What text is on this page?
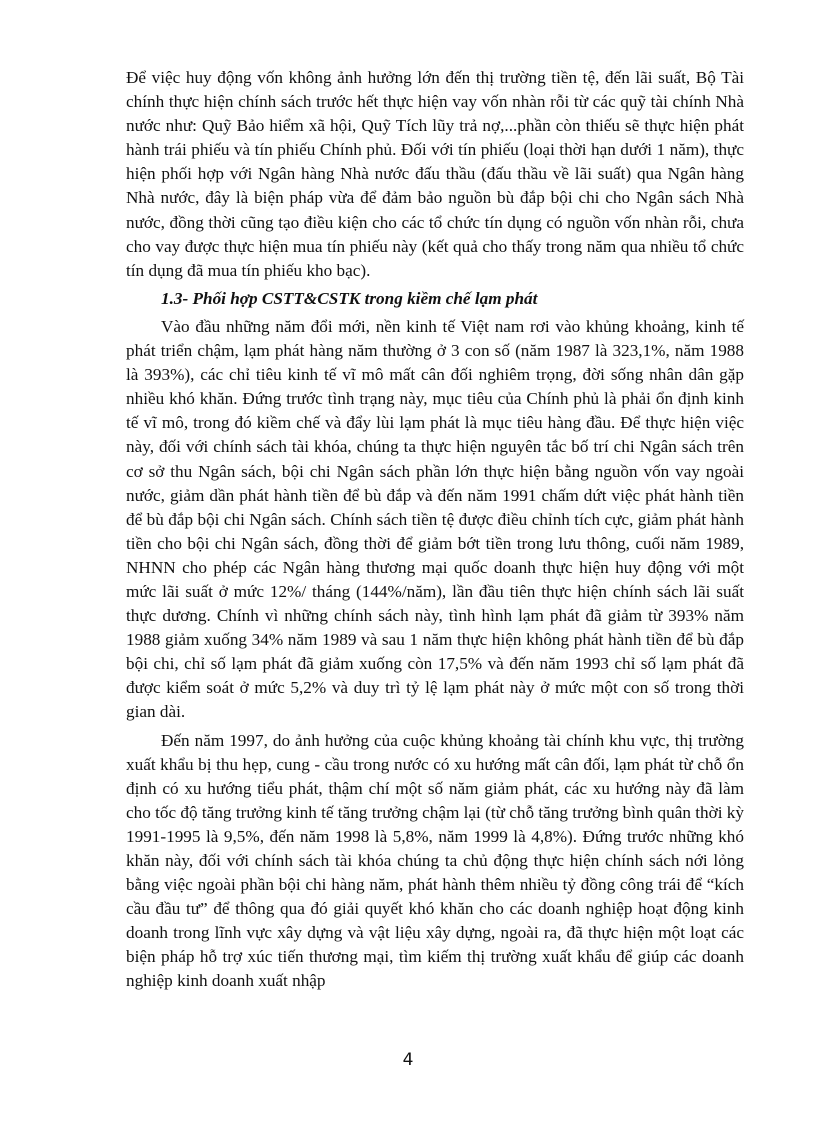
Để việc huy động vốn không ảnh hưởng lớn đến thị trường tiền tệ, đến lãi suất, Bộ Tài chính thực hiện chính sách trước hết thực hiện vay vốn nhàn rỗi từ các quỹ tài chính Nhà nước như: Quỹ Bảo hiểm xã hội, Quỹ Tích lũy trả nợ,...phần còn thiếu sẽ thực hiện phát hành trái phiếu và tín phiếu Chính phủ. Đối với tín phiếu (loại thời hạn dưới 1 năm), thực hiện phối hợp với Ngân hàng Nhà nước đấu thầu (đấu thầu về lãi suất) qua Ngân hàng Nhà nước, đây là biện pháp vừa để đảm bảo nguồn bù đắp bội chi cho Ngân sách Nhà nước, đồng thời cũng tạo điều kiện cho các tổ chức tín dụng có nguồn vốn nhàn rỗi, chưa cho vay được thực hiện mua tín phiếu này (kết quả cho thấy trong năm qua nhiều tổ chức tín dụng đã mua tín phiếu kho bạc).

1.3- Phối hợp CSTT&CSTK trong kiềm chế lạm phát

Vào đầu những năm đổi mới, nền kinh tế Việt nam rơi vào khủng khoảng, kinh tế phát triển chậm, lạm phát hàng năm thường ở 3 con số (năm 1987 là 323,1%, năm 1988 là 393%), các chỉ tiêu kinh tế vĩ mô mất cân đối nghiêm trọng, đời sống nhân dân gặp nhiều khó khăn. Đứng trước tình trạng này, mục tiêu của Chính phủ là phải ổn định kinh tế vĩ mô, trong đó kiềm chế và đẩy lùi lạm phát là mục tiêu hàng đầu. Để thực hiện việc này, đối với chính sách tài khóa, chúng ta thực hiện nguyên tắc bố trí chi Ngân sách trên cơ sở thu Ngân sách, bội chi Ngân sách phần lớn thực hiện bằng nguồn vốn vay ngoài nước, giảm dần phát hành tiền để bù đắp và đến năm 1991 chấm dứt việc phát hành tiền để bù đắp bội chi Ngân sách. Chính sách tiền tệ được điều chỉnh tích cực, giảm phát hành tiền cho bội chi Ngân sách, đồng thời để giảm bớt tiền trong lưu thông, cuối năm 1989, NHNN cho phép các Ngân hàng thương mại quốc doanh thực hiện huy động với một mức lãi suất ở mức 12%/ tháng (144%/năm), lần đầu tiên thực hiện chính sách lãi suất thực dương. Chính vì những chính sách này, tình hình lạm phát đã giảm từ 393% năm 1988 giảm xuống 34% năm 1989 và sau 1 năm thực hiện không phát hành tiền để bù đắp bội chi, chỉ số lạm phát đã giảm xuống còn 17,5% và đến năm 1993 chỉ số lạm phát đã được kiểm soát ở mức 5,2% và duy trì tỷ lệ lạm phát này ở mức một con số trong thời gian dài.

Đến năm 1997, do ảnh hưởng của cuộc khủng khoảng tài chính khu vực, thị trường xuất khẩu bị thu hẹp, cung - cầu trong nước có xu hướng mất cân đối, lạm phát từ chỗ ổn định có xu hướng tiểu phát, thậm chí một số năm giảm phát, các xu hướng này đã làm cho tốc độ tăng trưởng kinh tế tăng trưởng chậm lại (từ chỗ tăng trưởng bình quân thời kỳ 1991-1995 là 9,5%, đến năm 1998 là 5,8%, năm 1999 là 4,8%). Đứng trước những khó khăn này, đối với chính sách tài khóa chúng ta chủ động thực hiện chính sách nới lỏng bằng việc ngoài phần bội chi hàng năm, phát hành thêm nhiều tỷ đồng công trái để “kích cầu đầu tư” để thông qua đó giải quyết khó khăn cho các doanh nghiệp hoạt động kinh doanh trong lĩnh vực xây dựng và vật liệu xây dựng, ngoài ra, đã thực hiện một loạt các biện pháp hỗ trợ xúc tiến thương mại, tìm kiếm thị trường xuất khẩu để giúp các doanh nghiệp kinh doanh xuất nhập

4
